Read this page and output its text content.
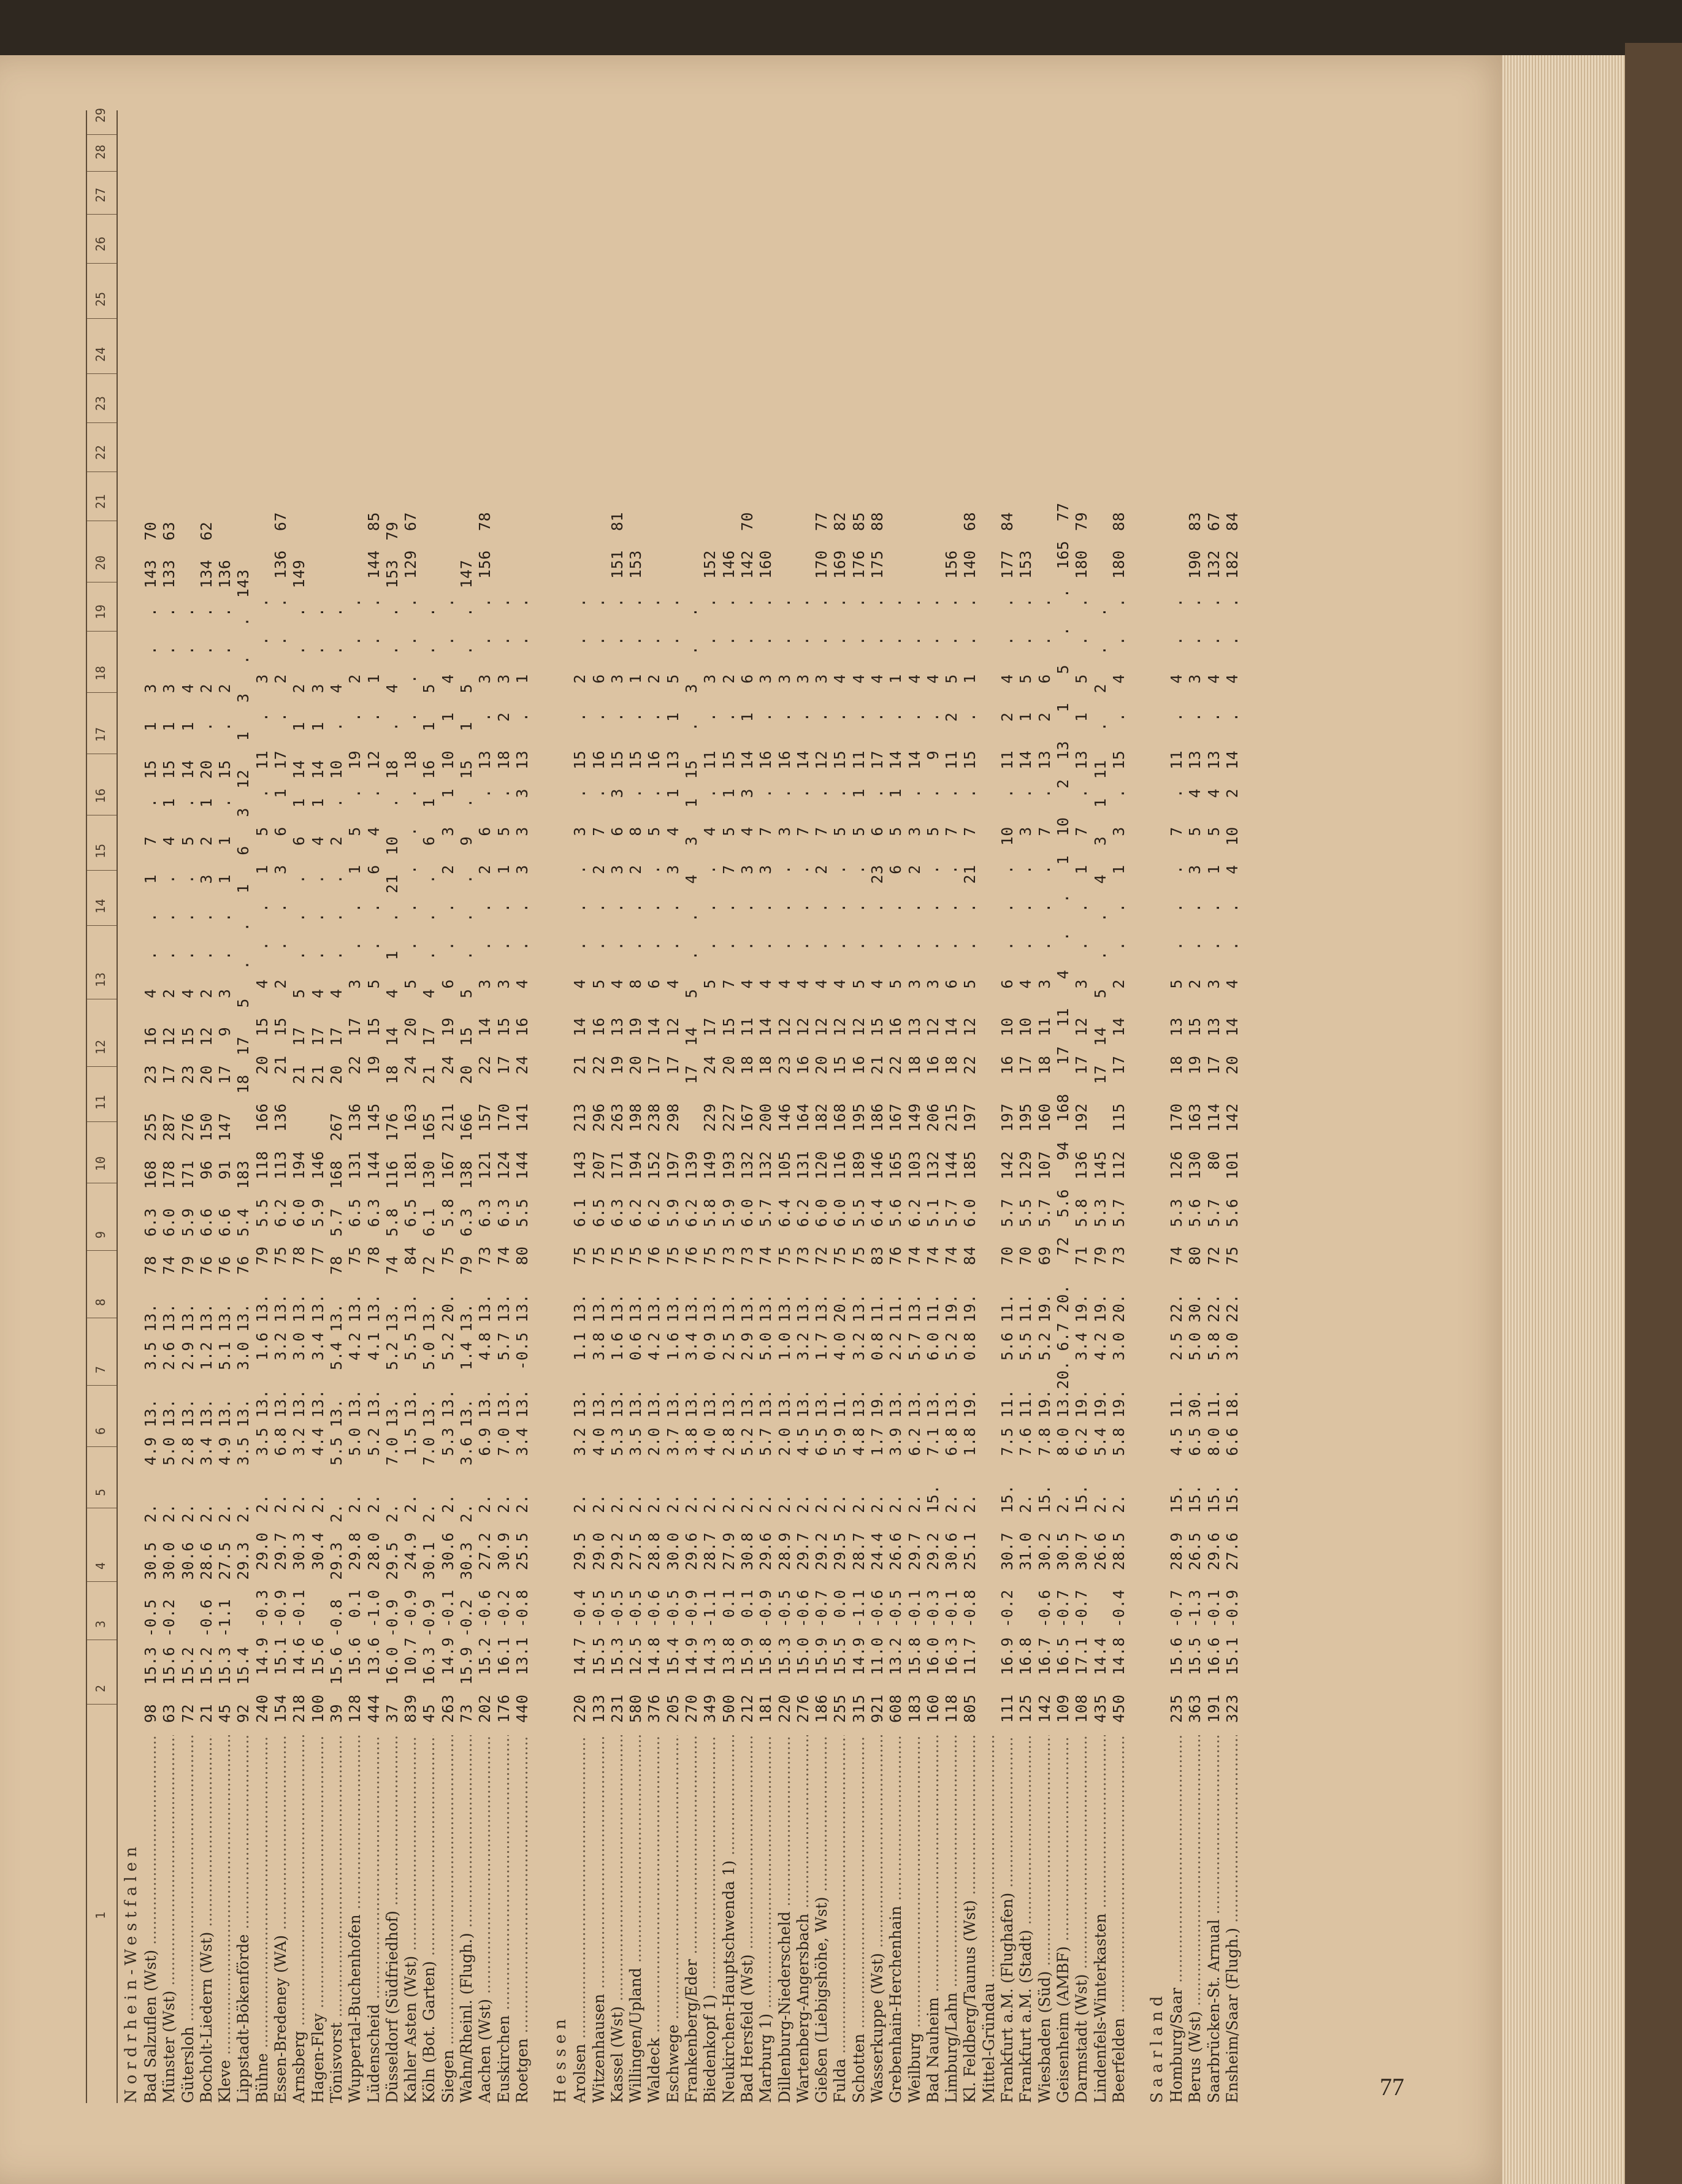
1
2
3
4
5
6
7
8
9
10
11
12
13
14
15
16
17
18
19
20
21
22
23
24
25
26
27
28
29
Nordrhein-Westfalen Bad Salzuflen (Wst) .....
98  15.3 -0.5  30.5  2.    4.9 13.   3.5 13.   78  6.3  168  255   23  16   4   .   .   1   7   .  15   1   3   .   .  143  70
Münster (Wst) .....
63  15.6 -0.2  30.0  2.    5.0 13.   2.6 13.   74  6.0  178  287   17  12   2   .   .   .   4   1  15   1   3   .   .  133  63
Gütersloh .....
72  15.2       30.6  2.    2.8 13.   2.9 13.   79  5.9  171  276   23  15   4   .   .   .   5   .  14   1   4   .   .
Bocholt-Liedern (Wst) .....
21  15.2 -0.6  28.6  2.    3.4 13.   1.2 13.   76  6.6   96  150   20  12   2   .   .   3   2   1  20   .   2   .   .  134  62
Kleve .....
45  15.3 -1.1  27.5  2.    4.9 13.   5.1 13.   76  6.6   91  147   17   9   3   .   .   1   1   .  15   .   2   .   .  136
Lippstadt-Bökenförde .....
92  15.4       29.3  2.    3.5 13.   3.0 13.   76  5.4  183       18  17   5   .   .   1   6   3  12   1   3   .   .  143
Bühne .....
240  14.9 -0.3  29.0  2.    3.5 13.   1.6 13.   79  5.5  118  166   20  15   4   .   .   1   5   .  11   .   3   .   .
Essen-Bredeney (WA) .....
154  15.1 -0.9  29.7  2.    6.8 13.   3.2 13.   75  6.2  113  136   21  15   2   .   .   3   6   1  17   .   2   .   .  136  67
Arnsberg .....
218  14.6 -0.1  30.3  2.    3.2 13.   3.0 13.   78  6.0  194       21  17   5   .   .   .   6   1  14   1   2   .   .  149
Hagen-Fley .....
100  15.6       30.4  2.    4.4 13.   3.4 13.   77  5.9  146       21  17   4   .   .   .   4   1  14   1   3   .   .
Tönisvorst .....
39  15.6 -0.8  29.3  2.    5.5 13.   5.4 13.   78  5.7  168  267   20  17   4   .   .   .   2   .  10   .   4   .   .
Wuppertal-Buchenhofen .....
128  15.6  0.1  29.8  2.    5.0 13.   4.2 13.   75  6.5  131  136   22  17   3   .   .   1   5   .  19   .   2   .   .
Lüdenscheid .....
444  13.6 -1.0  28.0  2.    5.2 13.   4.1 13.   78  6.3  144  145   19  15   5   .   .   6   4   .  12   .   1   .   .  144  85
Düsseldorf (Südfriedhof) .....
37  16.0 -0.9  29.5  2.    7.0 13.   5.2 13.   74  5.8  116  176   18  14   4   1   .  21  10   .  18   .   4   .   .  153  79
Kahler Asten (Wst) .....
839  10.7 -0.9  24.9  2.    1.5 13.   5.5 13.   84  6.5  181  163   24  20   5   .   .   .   .   .  18   .   .   .   .  129  67
Köln (Bot. Garten) .....
45  16.3 -0.9  30.1  2.    7.0 13.   5.0 13.   72  6.1  130  165   21  17   4   .   .   .   6   1  16   1   5   .   .
Siegen .....
263  14.9 -0.1  30.6  2.    5.3 13.   5.2 20.   75  5.8  167  211   24  19   6   .   .   2   3   1  10   1   4   .   .
Wahn/Rheinl. (Flugh.) .....
73  15.9 -0.2  30.3  2.    3.6 13.   1.4 13.   79  6.3  138  166   20  15   5   .   .   .   9   .  15   1   5   .   .  147
Aachen (Wst) .....
202  15.2 -0.6  27.2  2.    6.9 13.   4.8 13.   73  6.3  121  157   22  14   3   .   .   2   6   .  13   .   3   .   .  156  78
Euskirchen .....
176  16.1 -0.2  30.9  2.    7.0 13.   5.7 13.   74  6.3  124  170   17  15   3   .   .   1   5   .  18   2   3   .   .
Roetgen .....
440  13.1 -0.8  25.5  2.    3.4 13.  -0.5 13.   80  5.5  144  141   24  16   4   .   .   3   3   3  13   .   1   .   .
Hessen Arolsen .....
220  14.7 -0.4  29.5  2.    3.2 13.   1.1 13.   75  6.1  143  213   21  14   4   .   .   .   3   .  15   .   2   .   .
Witzenhausen .....
133  15.5 -0.5  29.0  2.    4.0 13.   3.8 13.   75  6.5  207  296   22  16   5   .   .   2   7   .  16   .   6   .   .
Kassel (Wst) .....
231  15.3 -0.5  29.2  2.    5.3 13.   1.6 13.   75  6.3  171  263   19  13   4   .   .   3   6   3  15   .   3   .   .  151  81
Willingen/Upland .....
580  12.5 -0.5  27.5  2.    3.5 13.   0.6 13.   75  6.2  194  198   20  19   8   .   .   2   8   .  15   .   1   .   .  153
Waldeck .....
376  14.8 -0.6  28.8  2.    2.0 13.   4.2 13.   76  6.2  152  238   17  14   6   .   .   .   5   .  16   .   2   .   .
Eschwege .....
205  15.4 -0.5  30.0  2.    3.7 13.   1.6 13.   75  5.9  197  298   17  12   4   .   .   3   4   1  13   1   5   .   .
Frankenberg/Eder .....
270  14.9 -0.9  29.6  2.    3.8 13.   3.4 13.   76  6.2  139       17  14   5   .   .   4   3   1  15   .   3   .   .
Biedenkopf 1) .....
349  14.3 -1.1  28.7  2.    4.0 13.   0.9 13.   75  5.8  149  229   24  17   5   .   .   .   4   .  11   .   3   .   .  152
Neukirchen-Hauptschwenda 1) .....
500  13.8  0.1  27.9  2.    2.8 13.   2.5 13.   73  5.9  193  227   20  15   7   .   .   7   5   1  15   .   2   .   .  146
Bad Hersfeld (Wst) .....
212  15.9  0.1  30.8  2.    5.2 13.   2.9 13.   73  6.0  132  167   18  11   4   .   .   3   4   3  14   1   6   .   .  142  70
Marburg 1) .....
181  15.8 -0.9  29.6  2.    5.7 13.   5.0 13.   74  5.7  132  200   18  14   4   .   .   3   7   .  16   .   3   .   .  160
Dillenburg-Niederscheld .....
220  15.3 -0.5  28.9  2.    2.0 13.   1.0 13.   75  6.4  105  146   23  12   4   .   .   .   3   .  16   .   3   .   .
Wartenberg-Angersbach .....
276  15.0 -0.6  29.7  2.    4.5 13.   3.2 13.   73  6.2  131  164   16  12   4   .   .   .   7   .  14   .   3   .   .
Gießen (Liebigshöhe, Wst) .....
186  15.9 -0.7  29.2  2.    6.5 13.   1.7 13.   72  6.0  120  182   20  12   4   .   .   2   7   .  12   .   3   .   .  170  77
Fulda .....
255  15.5  0.0  29.5  2.    5.9 11.   4.0 20.   75  6.0  116  168   15  12   4   .   .   .   5   .  15   .   4   .   .  169  82
Schotten .....
315  14.9 -1.1  28.7  2.    4.8 13.   3.2 13.   75  5.5  189  195   16  12   5   .   .   .   5   1  11   .   4   .   .  176  85
Wasserkuppe (Wst) .....
921  11.0 -0.6  24.4  2.    1.7 19.   0.8 11.   83  6.4  146  186   21  15   4   .   .  23   6   .  17   .   4   .   .  175  88
Grebenhain-Herchenhain .....
608  13.2 -0.5  26.6  2.    3.9 13.   2.2 11.   76  5.6  165  167   22  16   5   .   .   6   5   1  14   .   1   .   .
Weilburg .....
183  15.8 -0.1  29.7  2.    6.2 13.   5.7 13.   74  6.2  103  149   18  13   3   .   .   2   3   .  14   .   4   .   .
Bad Nauheim .....
160  16.0 -0.3  29.2  15.   7.1 13.   6.0 11.   74  5.1  132  206   16  12   3   .   .   .   5   .   9   .   4   .   .
Limburg/Lahn .....
118  16.3 -0.1  30.6  2.    6.8 13.   5.2 19.   74  5.7  144  215   18  14   6   .   .   .   7   .  11   2   5   .   .  156
Kl. Feldberg/Taunus (Wst) .....
805  11.7 -0.8  25.1  2.    1.8 19.   0.8 19.   84  6.0  185  197   22  12   5   .   .  21   7   .  15   .   1   .   .  140  68
Mittel-Gründau ..... Frankfurt a.M. (Flughafen) .....
111  16.9 -0.2  30.7  15.   7.5 11.   5.6 11.   70  5.7  142  197   16  10   6   .   .   .  10   .  11   2   4   .   .  177  84
Frankfurt a.M. (Stadt) .....
125  16.8       31.0  2.    7.6 11.   5.5 11.   70  5.5  129  195   17  10   4   .   .   .   3   .  14   1   5   .   .  153
Wiesbaden (Süd) .....
142  16.7 -0.6  30.2  15.   7.8 19.   5.2 19.   69  5.7  107  160   18  11   3   .   .   .   7   .  13   2   6   .   .
Geisenheim (AMBF) .....
109  16.5 -0.7  30.5  2.    8.0 13.20. 6.7 20.   72  5.6   94  168   17  11   4   .   .   1  10   2  13   1   5   .   .  165  77
Darmstadt (Wst) .....
108  17.1 -0.7  30.7  15.   6.2 19.   3.4 19.   71  5.8  136  192   17  12   3   .   .   1   7   .  13   1   5   .   .  180  79
Lindenfels-Winterkasten .....
435  14.4       26.6  2.    5.4 19.   4.2 19.   79  5.3  145       17  14   5   .   .   4   3   1  11   .   2   .   .
Beerfelden .....
450  14.8 -0.4  28.5  2.    5.8 19.   3.0 20.   73  5.7  112  115   17  14   2   .   .   1   3   .  15   .   4   .   .  180  88
Saarland Homburg/Saar .....
235  15.6 -0.7  28.9  15.   4.5 11.   2.5 22.   74  5.3  126  170   18  13   5   .   .   .   7   .  11   .   4   .   .
Berus (Wst) .....
363  15.5 -1.3  26.5  15.   6.5 30.   5.0 30.   80  5.6  130  163   19  15   2   .   .   3   5   4  13   .   3   .   .  190  83
Saarbrücken-St. Arnual .....
191  16.6 -0.1  29.6  15.   8.0 11.   5.8 22.   72  5.7   80  114   17  13   3   .   .   1   5   4  13   .   4   .   .  132  67
Ensheim/Saar (Flugh.) .....
323  15.1 -0.9  27.6  15.   6.6 18.   3.0 22.   75  5.6  101  142   20  14   4   .   .   4  10   2  14   .   4   .   .  182  84
77
